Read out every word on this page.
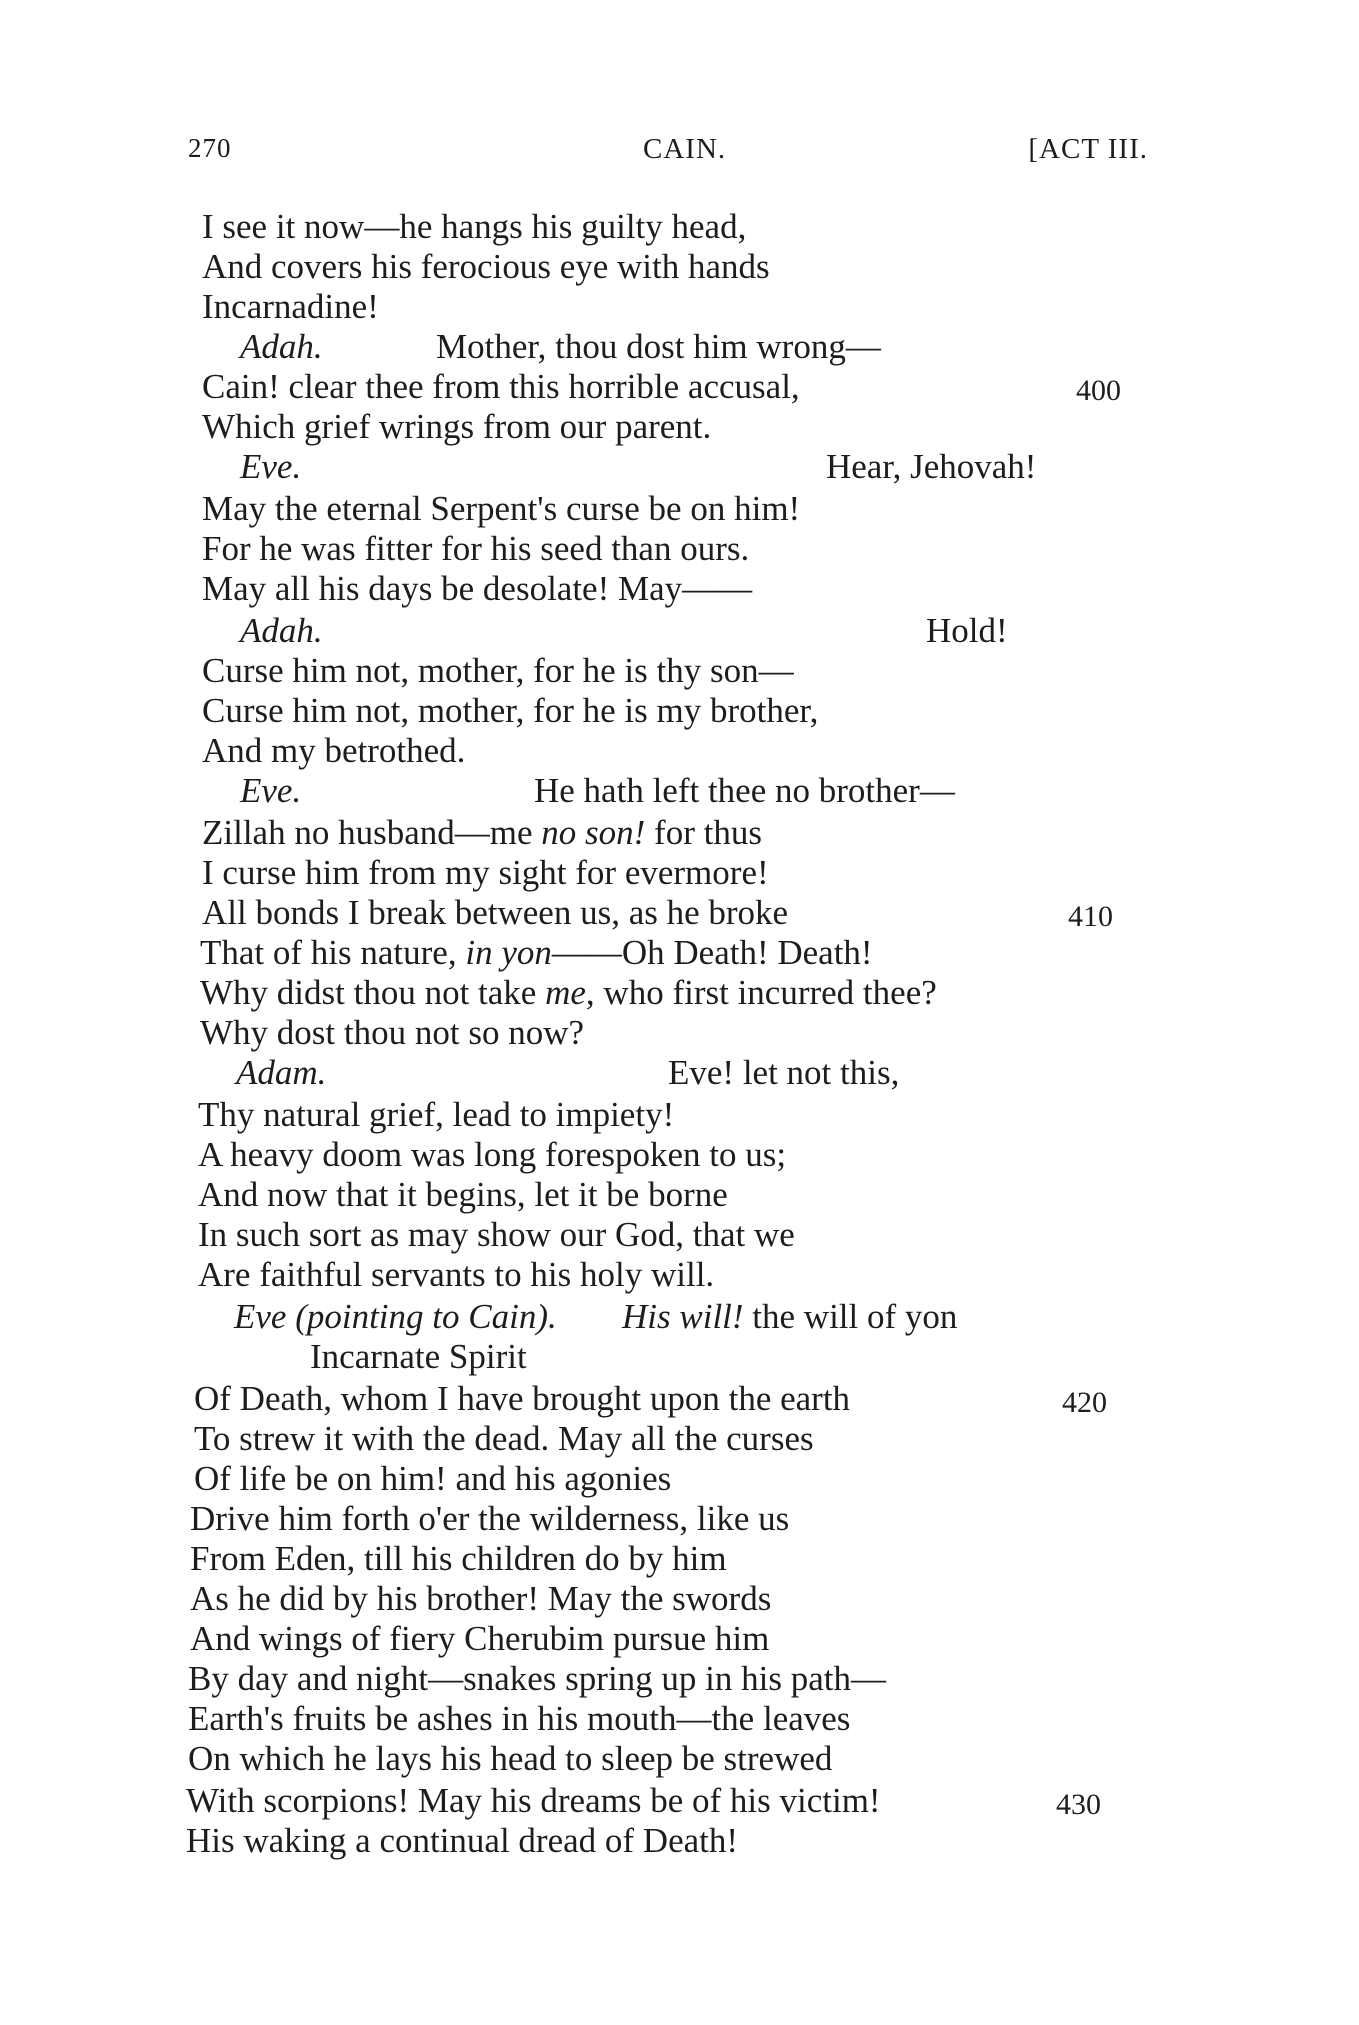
270	CAIN.	[ACT III.
I see it now—he hangs his guilty head,
And covers his ferocious eye with hands
Incarnadine!
Adah.	Mother, thou dost him wrong—
Cain! clear thee from this horrible accusal,	400
Which grief wrings from our parent.
Eve.	Hear, Jehovah!
May the eternal Serpent's curse be on him!
For he was fitter for his seed than ours.
May all his days be desolate! May——
Adah.	Hold!
Curse him not, mother, for he is thy son—
Curse him not, mother, for he is my brother,
And my betrothed.
Eve.	He hath left thee no brother—
Zillah no husband—me no son! for thus
I curse him from my sight for evermore!
All bonds I break between us, as he broke	410
That of his nature, in yon——Oh Death! Death!
Why didst thou not take me, who first incurred thee?
Why dost thou not so now?
Adam.	Eve! let not this,
Thy natural grief, lead to impiety!
A heavy doom was long forespoken to us;
And now that it begins, let it be borne
In such sort as may show our God, that we
Are faithful servants to his holy will.
Eve (pointing to Cain). His will! the will of yon
Incarnate Spirit
Of Death, whom I have brought upon the earth	420
To strew it with the dead. May all the curses
Of life be on him! and his agonies
Drive him forth o'er the wilderness, like us
From Eden, till his children do by him
As he did by his brother! May the swords
And wings of fiery Cherubim pursue him
By day and night—snakes spring up in his path—
Earth's fruits be ashes in his mouth—the leaves
On which he lays his head to sleep be strewed
With scorpions! May his dreams be of his victim!	430
His waking a continual dread of Death!
